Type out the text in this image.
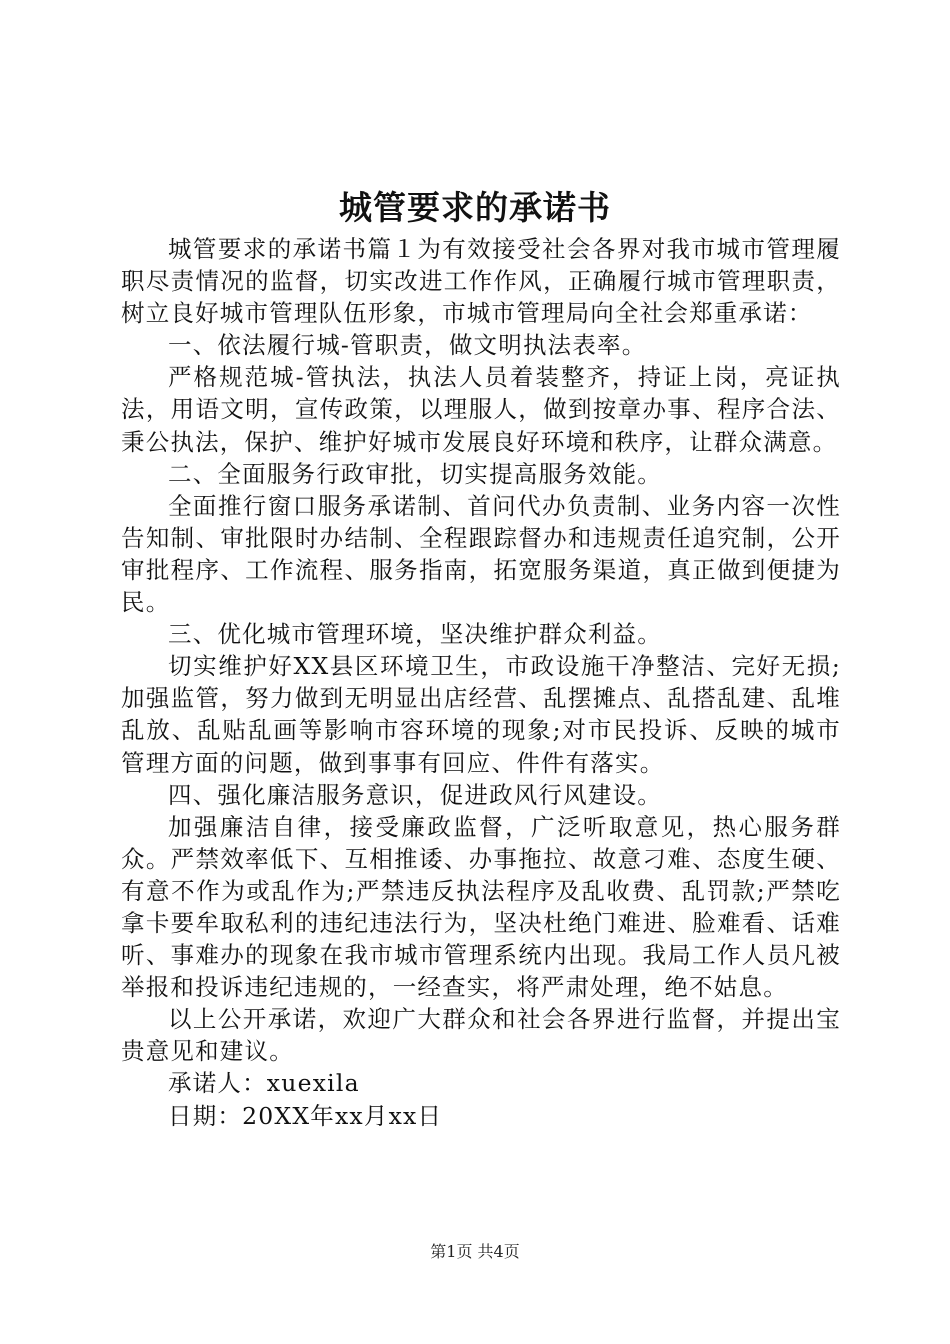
城管要求的承诺书

城管要求的承诺书篇１为有效接受社会各界对我市城市管理履职尽责情况的监督，切实改进工作作风，正确履行城市管理职责，树立良好城市管理队伍形象，市城市管理局向全社会郑重承诺：

一、依法履行城-管职责，做文明执法表率。

严格规范城-管执法，执法人员着装整齐，持证上岗，亮证执法，用语文明，宣传政策，以理服人，做到按章办事、程序合法、秉公执法，保护、维护好城市发展良好环境和秩序，让群众满意。

二、全面服务行政审批，切实提高服务效能。

全面推行窗口服务承诺制、首问代办负责制、业务内容一次性告知制、审批限时办结制、全程跟踪督办和违规责任追究制，公开审批程序、工作流程、服务指南，拓宽服务渠道，真正做到便捷为民。

三、优化城市管理环境，坚决维护群众利益。

切实维护好XX县区环境卫生，市政设施干净整洁、完好无损;加强监管，努力做到无明显出店经营、乱摆摊点、乱搭乱建、乱堆乱放、乱贴乱画等影响市容环境的现象;对市民投诉、反映的城市管理方面的问题，做到事事有回应、件件有落实。

四、强化廉洁服务意识，促进政风行风建设。

加强廉洁自律，接受廉政监督，广泛听取意见，热心服务群众。严禁效率低下、互相推诿、办事拖拉、故意刁难、态度生硬、有意不作为或乱作为;严禁违反执法程序及乱收费、乱罚款;严禁吃拿卡要牟取私利的违纪违法行为，坚决杜绝门难进、脸难看、话难听、事难办的现象在我市城市管理系统内出现。我局工作人员凡被举报和投诉违纪违规的，一经查实，将严肃处理，绝不姑息。

以上公开承诺，欢迎广大群众和社会各界进行监督，并提出宝贵意见和建议。

承诺人：xuexila

日期：20XX年xx月xx日

第1页 共4页
